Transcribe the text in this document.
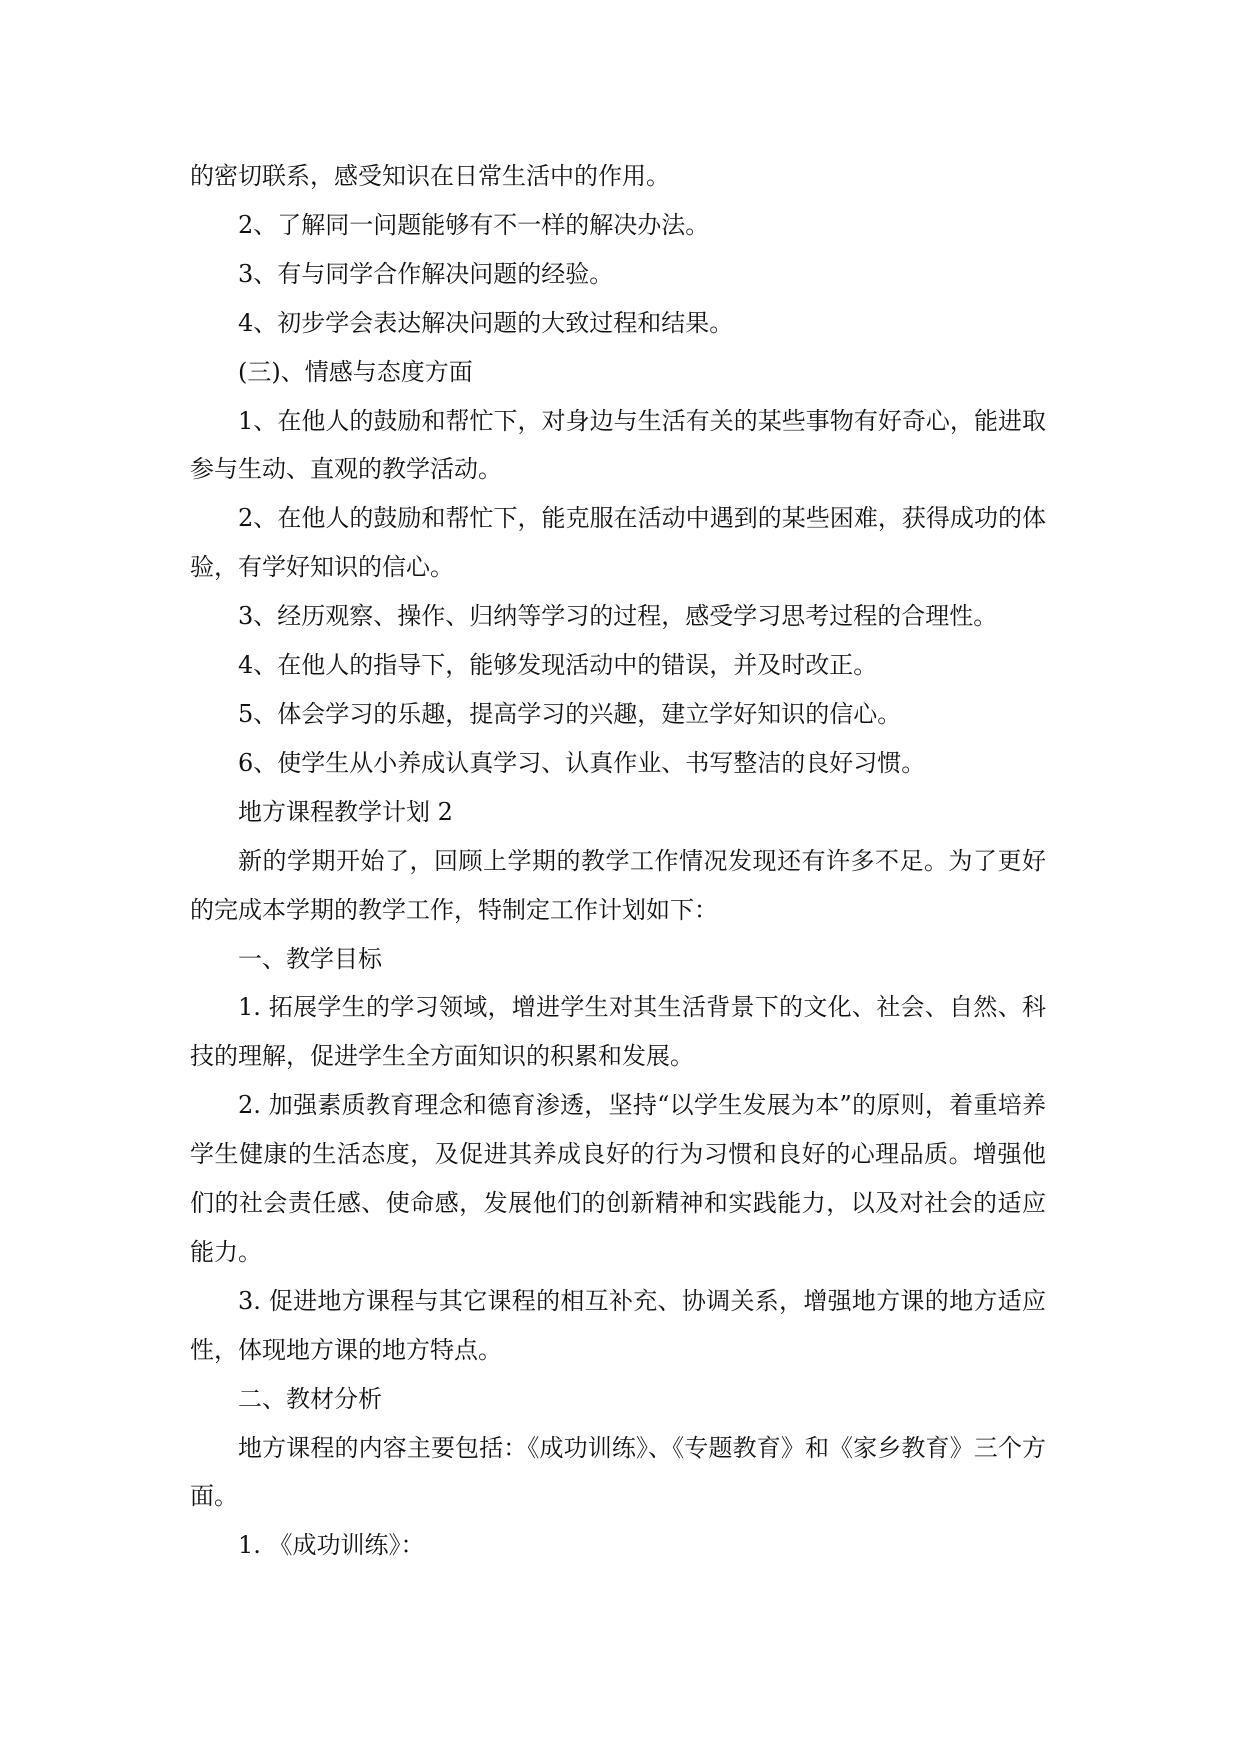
的密切联系，感受知识在日常生活中的作用。

2、了解同一问题能够有不一样的解决办法。

3、有与同学合作解决问题的经验。

4、初步学会表达解决问题的大致过程和结果。

(三)、情感与态度方面

1、在他人的鼓励和帮忙下，对身边与生活有关的某些事物有好奇心，能进取参与生动、直观的教学活动。

2、在他人的鼓励和帮忙下，能克服在活动中遇到的某些困难，获得成功的体验，有学好知识的信心。

3、经历观察、操作、归纳等学习的过程，感受学习思考过程的合理性。

4、在他人的指导下，能够发现活动中的错误，并及时改正。

5、体会学习的乐趣，提高学习的兴趣，建立学好知识的信心。

6、使学生从小养成认真学习、认真作业、书写整洁的良好习惯。

地方课程教学计划 2

新的学期开始了，回顾上学期的教学工作情况发现还有许多不足。为了更好的完成本学期的教学工作，特制定工作计划如下：

一、教学目标

1. 拓展学生的学习领域，增进学生对其生活背景下的文化、社会、自然、科技的理解，促进学生全方面知识的积累和发展。

2. 加强素质教育理念和德育渗透，坚持“以学生发展为本”的原则，着重培养学生健康的生活态度，及促进其养成良好的行为习惯和良好的心理品质。增强他们的社会责任感、使命感，发展他们的创新精神和实践能力，以及对社会的适应能力。

3. 促进地方课程与其它课程的相互补充、协调关系，增强地方课的地方适应性，体现地方课的地方特点。

二、教材分析

地方课程的内容主要包括：《成功训练》、《专题教育》和《家乡教育》三个方面。

1. 《成功训练》：
